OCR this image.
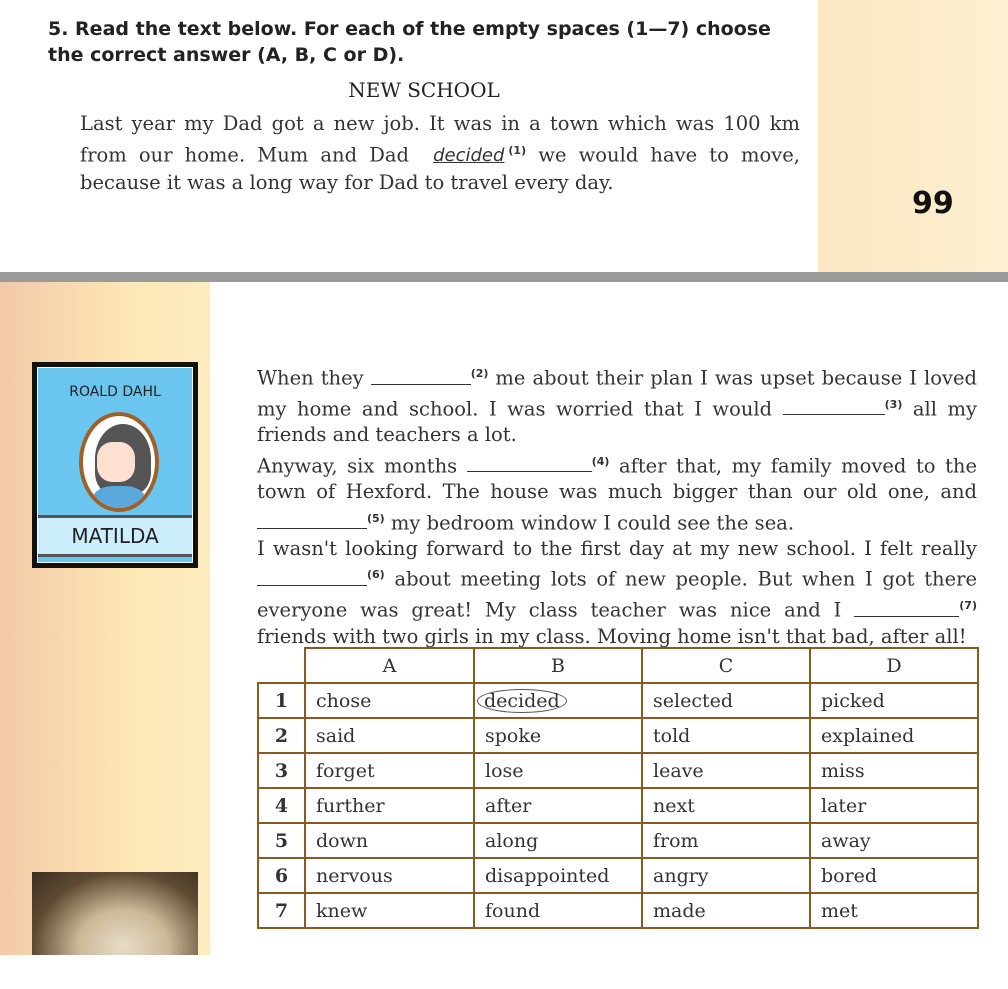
5. Read the text below. For each of the empty spaces (1—7) choose the correct answer (A, B, C or D).
NEW SCHOOL
Last year my Dad got a new job. It was in a town which was 100 km from our home. Mum and Dad decided $^{(1)}$ we would have to move, because it was a long way for Dad to travel every day.
99
ROALD DAHL
MATILDA

When they	$^{(2)}$ me about their plan I was upset because I loved my home and school. I was worried that I would	$^{(3)}$ all my friends and teachers a lot.

Anyway, six months	$^{(4)}$ after that, my family moved to the town of Hexford. The house was much bigger than our old one, and $^{(5)}$ my bedroom window I could see the sea.

I wasn't looking forward to the first day at my new school. I felt really $^{(6)}$ about meeting lots of new people. But when I got there everyone was great! My class teacher was nice and I	$^{(7)}$ friends with two girls in my class. Moving home isn't that bad, after all!

	A	B	C	D
1	chose	decided	selected	picked
2	said	spoke	told	explained
3	forget	lose	leave	miss
4	further	after	next	later
5	down	along	from	away
6	nervous	disappointed	angry	bored
7	knew	found	made	met
